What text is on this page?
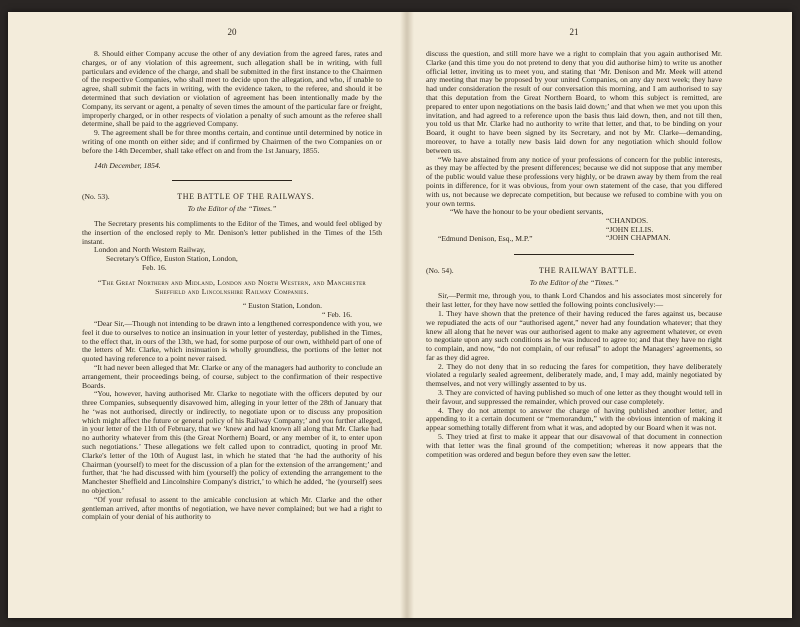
20

8. Should either Company accuse the other of any deviation from the agreed fares, rates and charges, or of any violation of this agreement, such allegation shall be in writing, with full particulars and evidence of the charge, and shall be submitted in the first instance to the Chairmen of the respective Companies, who shall meet to decide upon the allegation, and who, if unable to agree, shall submit the facts in writing, with the evidence taken, to the referee, and should it be determined that such deviation or violation of agreement has been intentionally made by the Company, its servant or agent, a penalty of seven times the amount of the particular fare or freight, improperly charged, or in other respects of violation a penalty of such amount as the referee shall determine, shall be paid to the aggrieved Company.

9. The agreement shall be for three months certain, and continue until determined by notice in writing of one month on either side; and if confirmed by Chairmen of the two Companies on or before the 14th December, shall take effect on and from the 1st January, 1855.

14th December, 1854.

(No. 53).	THE BATTLE OF THE RAILWAYS.

To the Editor of the “Times.”

The Secretary presents his compliments to the Editor of the Times, and would feel obliged by the insertion of the enclosed reply to Mr. Denison's letter published in the Times of the 15th instant.

London and North Western Railway,

Secretary's Office, Euston Station, London,

Feb. 16.

“The Great Northern and Midland, London and North Western, and Manchester Sheffield and Lincolnshire Railway Companies.

“ Euston Station, London.

“ Feb. 16.

“Dear Sir,—Though not intending to be drawn into a lengthened correspondence with you, we feel it due to ourselves to notice an insinuation in your letter of yesterday, published in the Times, to the effect that, in ours of the 13th, we had, for some purpose of our own, withheld part of one of the letters of Mr. Clarke, which insinuation is wholly groundless, the portions of the letter not quoted having reference to a point never raised.

“It had never been alleged that Mr. Clarke or any of the managers had authority to conclude an arrangement, their proceedings being, of course, subject to the confirmation of their respective Boards.

“You, however, having authorised Mr. Clarke to negotiate with the officers deputed by our three Companies, subsequently disavowed him, alleging in your letter of the 28th of January that he ‘was not authorised, directly or indirectly, to negotiate upon or to discuss any proposition which might affect the future or general policy of his Railway Company;’ and you further alleged, in your letter of the 11th of February, that we ‘knew and had known all along that Mr. Clarke had no authority whatever from this (the Great Northern) Board, or any member of it, to enter upon such negotiations.’ These allegations we felt called upon to contradict, quoting in proof Mr. Clarke's letter of the 10th of August last, in which he stated that ‘he had the authority of his Chairman (yourself) to meet for the discussion of a plan for the extension of the arrangement;’ and further, that ‘he had discussed with him (yourself) the policy of extending the arrangement to the Manchester Sheffield and Lincolnshire Company's district,’ to which he added, ‘he (yourself) sees no objection.’

“Of your refusal to assent to the amicable conclusion at which Mr. Clarke and the other gentleman arrived, after months of negotiation, we have never complained; but we had a right to complain of your denial of his authority to

21

discuss the question, and still more have we a right to complain that you again authorised Mr. Clarke (and this time you do not pretend to deny that you did authorise him) to write us another official letter, inviting us to meet you, and stating that ‘Mr. Denison and Mr. Meek will attend any meeting that may be proposed by your united Companies, on any day next week; they have had under consideration the result of our conversation this morning, and I am authorised to say that this deputation from the Great Northern Board, to whom this subject is remitted, are prepared to enter upon negotiations on the basis laid down;’ and that when we met you upon this invitation, and had agreed to a reference upon the basis thus laid down, then, and not till then, you told us that Mr. Clarke had no authority to write that letter, and that, to be binding on your Board, it ought to have been signed by its Secretary, and not by Mr. Clarke—demanding, moreover, to have a totally new basis laid down for any negotiation which should follow between us.

“We have abstained from any notice of your professions of concern for the public interests, as they may be affected by the present differences; because we did not suppose that any member of the public would value these professions very highly, or be drawn away by them from the real points in difference, for it was obvious, from your own statement of the case, that you differed with us, not because we deprecate competition, but because we refused to combine with you on your own terms.

“We have the honour to be your obedient servants,

“CHANDOS.
“JOHN ELLIS.
“JOHN CHAPMAN.

“Edmund Denison, Esq., M.P.”

(No. 54).	THE RAILWAY BATTLE.

To the Editor of the “Times.”

Sir,—Permit me, through you, to thank Lord Chandos and his associates most sincerely for their last letter, for they have now settled the following points conclusively:—

1. They have shown that the pretence of their having reduced the fares against us, because we repudiated the acts of our “authorised agent,” never had any foundation whatever; that they knew all along that he never was our authorised agent to make any agreement whatever, or even to negotiate upon any such conditions as he was induced to agree to; and that they have no right to complain, and now, “do not complain, of our refusal” to adopt the Managers' agreements, so far as they did agree.

2. They do not deny that in so reducing the fares for competition, they have deliberately violated a regularly sealed agreement, deliberately made, and, I may add, mainly negotiated by themselves, and not very willingly assented to by us.

3. They are convicted of having published so much of one letter as they thought would tell in their favour, and suppressed the remainder, which proved our case completely.

4. They do not attempt to answer the charge of having published another letter, and appending to it a certain document or “memorandum,” with the obvious intention of making it appear something totally different from what it was, and adopted by our Board when it was not.

5. They tried at first to make it appear that our disavowal of that document in connection with that letter was the final ground of the competition; whereas it now appears that the competition was ordered and begun before they even saw the letter.
